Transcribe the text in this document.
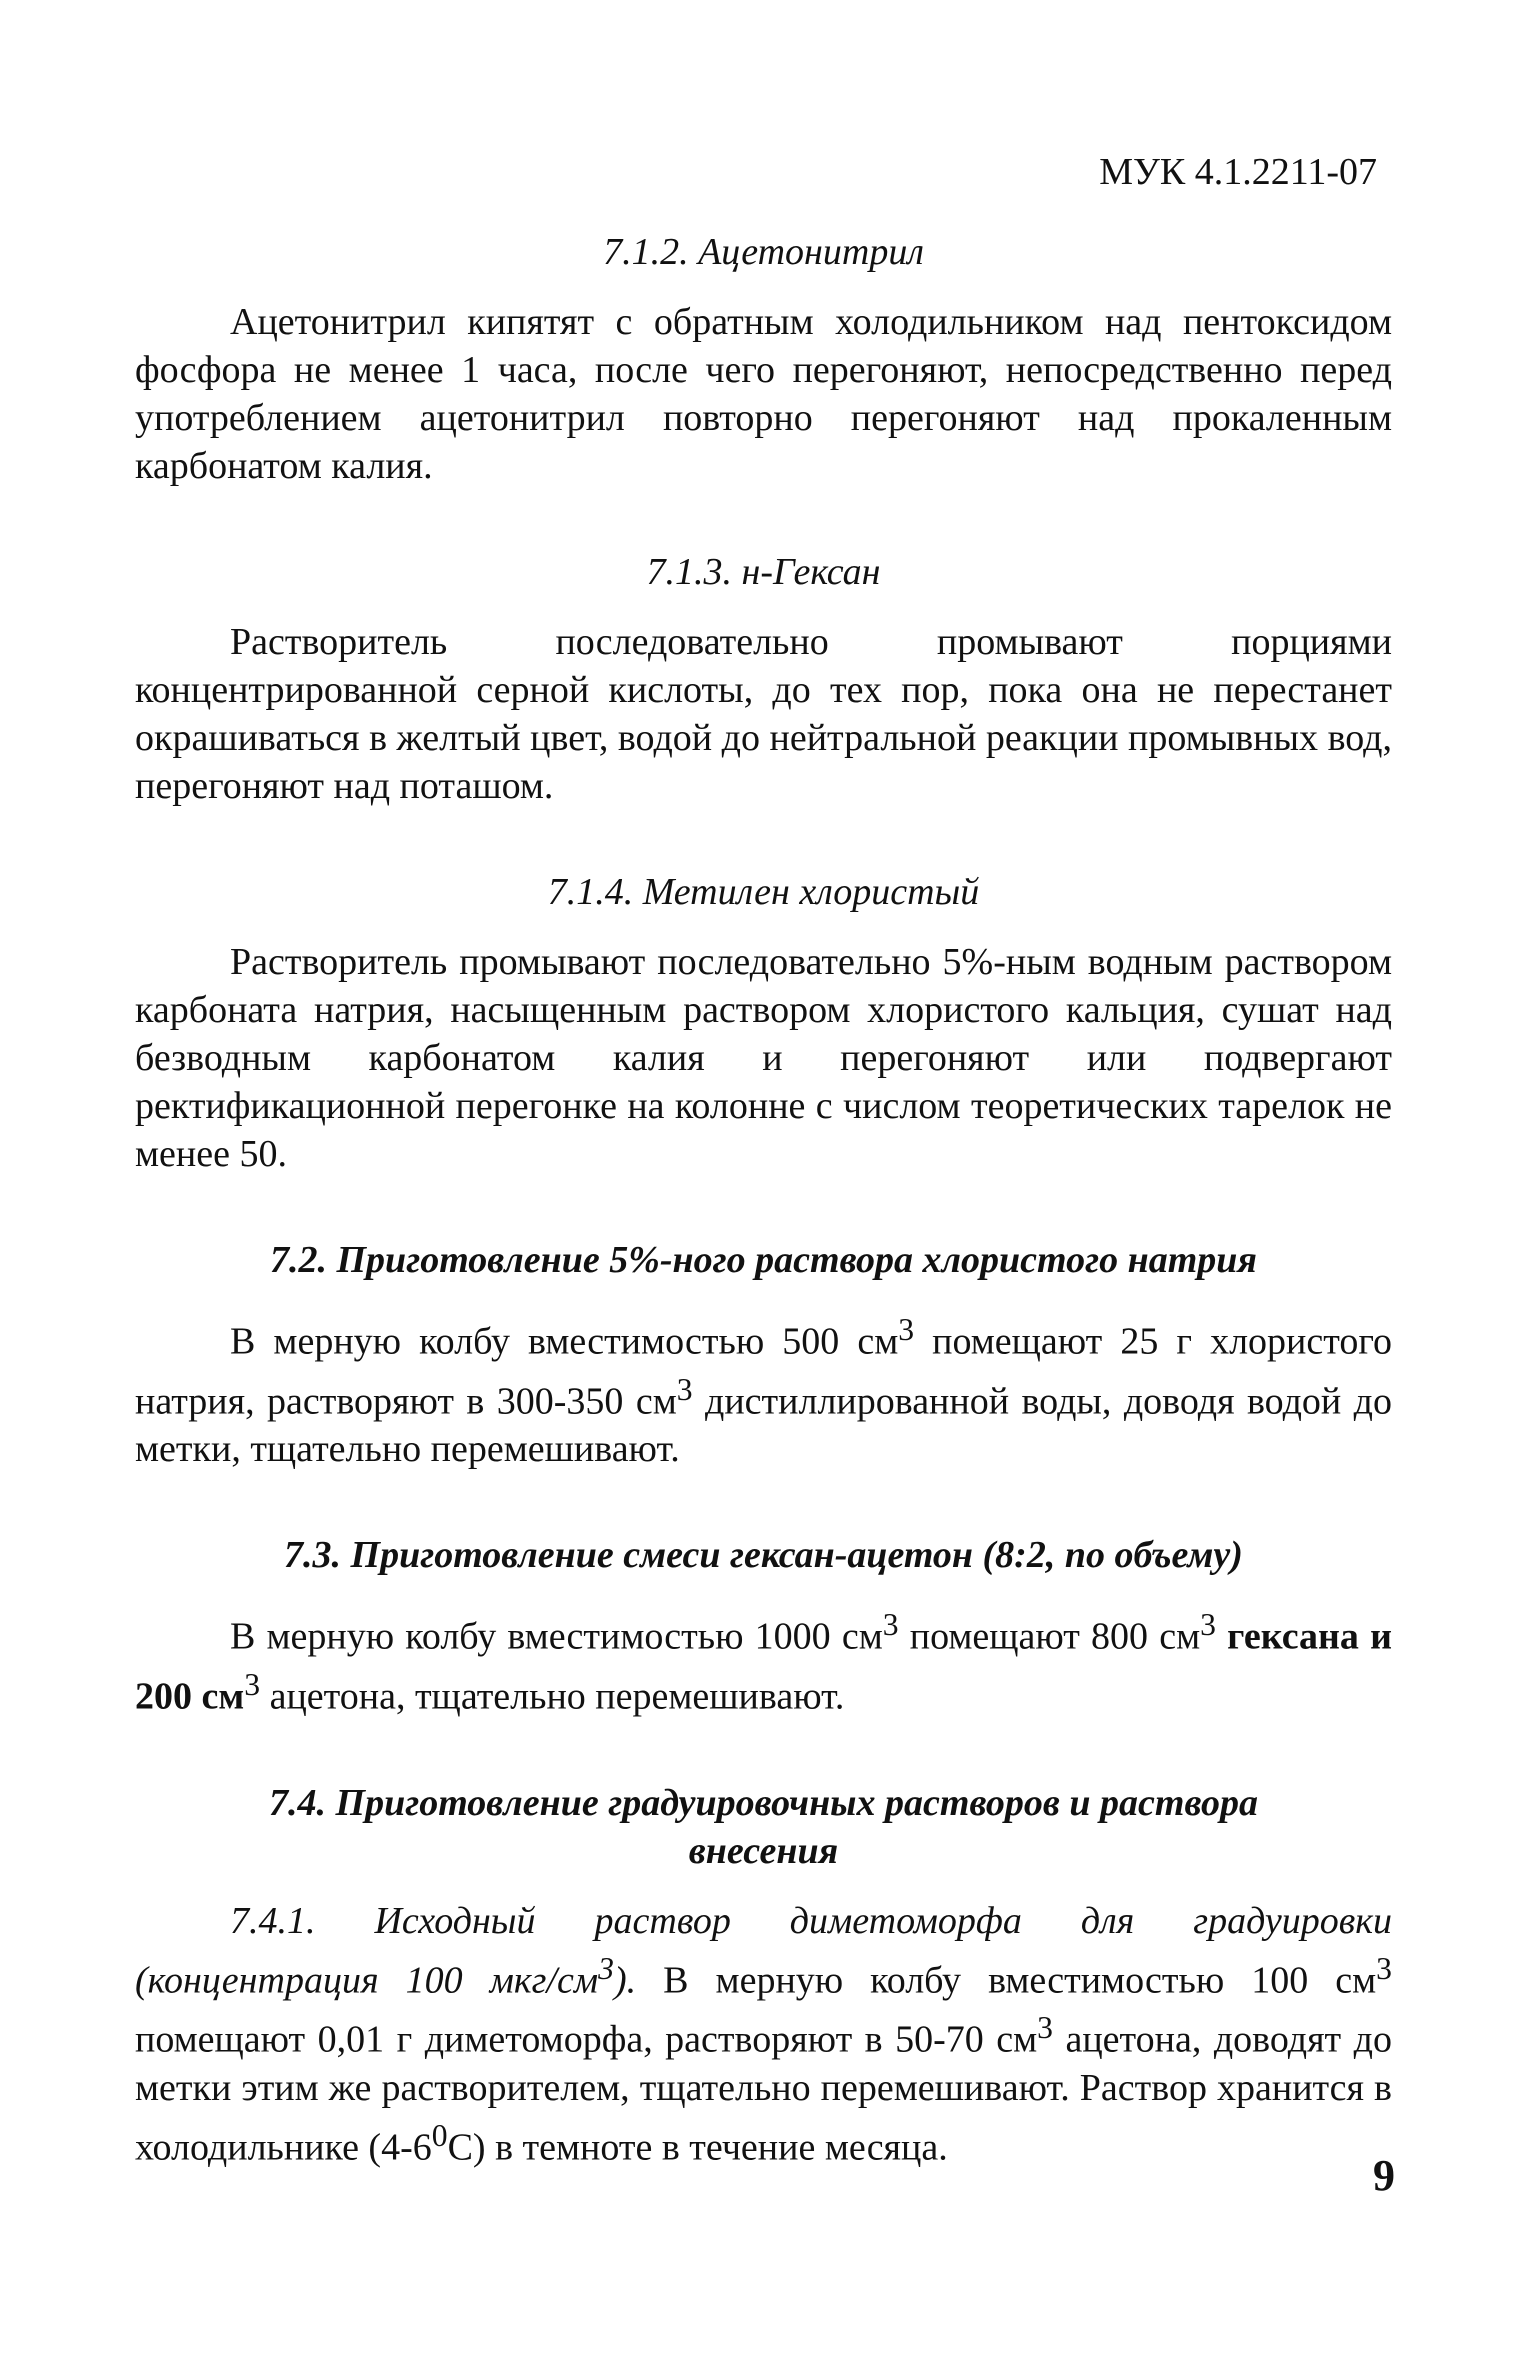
МУК 4.1.2211-07
7.1.2. Ацетонитрил

Ацетонитрил кипятят с обратным холодильником над пентоксидом фосфора не менее 1 часа, после чего перегоняют, непосредственно перед употреблением ацетонитрил повторно перегоняют над прокаленным карбонатом калия.

7.1.3. н-Гексан

Растворитель последовательно промывают порциями концентрированной серной кислоты, до тех пор, пока она не перестанет окрашиваться в желтый цвет, водой до нейтральной реакции промывных вод, перегоняют над поташом.

7.1.4. Метилен хлористый

Растворитель промывают последовательно 5%-ным водным раствором карбоната натрия, насыщенным раствором хлористого кальция, сушат над безводным карбонатом калия и перегоняют или подвергают ректификационной перегонке на колонне с числом теоретических тарелок не менее 50.

7.2. Приготовление 5%-ного раствора хлористого натрия

В мерную колбу вместимостью 500 $см^3$ помещают 25 г хлористого натрия, растворяют в 300-350 $см^3$ дистиллированной воды, доводя водой до метки, тщательно перемешивают.

7.3. Приготовление смеси гексан-ацетон (8:2, по объему)

В мерную колбу вместимостью 1000 $см^3$ помещают 800 $см^3$ гексана и 200 $см^3$ ацетона, тщательно перемешивают.

7.4. Приготовление градуировочных растворов и раствора
внесения

7.4.1. Исходный раствор диметоморфа для градуировки (концентрация 100 мкг/$см^3$). В мерную колбу вместимостью 100 $см^3$ помещают 0,01 г диметоморфа, растворяют в 50-70 $см^3$ ацетона, доводят до метки этим же растворителем, тщательно перемешивают. Раствор хранится в холодильнике $(4-6^0С)$ в темноте в течение месяца.

9
